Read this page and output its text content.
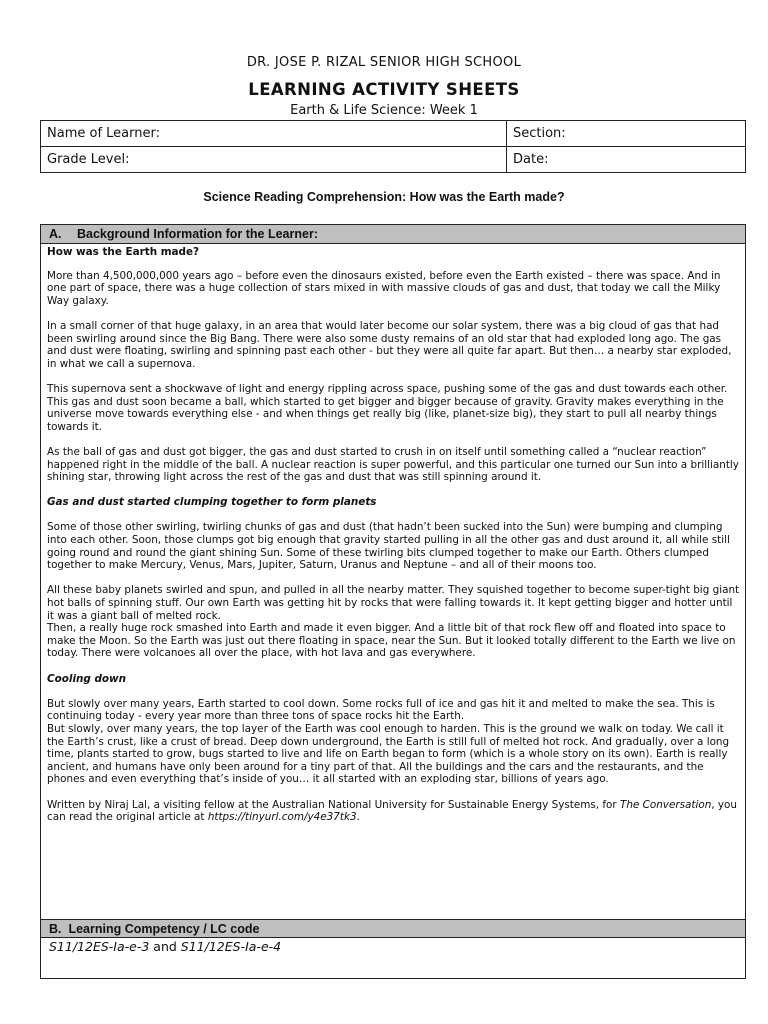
DR. JOSE P. RIZAL SENIOR HIGH SCHOOL
LEARNING ACTIVITY SHEETS
Earth & Life Science: Week 1
Name of Learner:	Section:
Grade Level:	Date:
Science Reading Comprehension: How was the Earth made?
A. Background Information for the Learner:

How was the Earth made?

More than 4,500,000,000 years ago – before even the dinosaurs existed, before even the Earth existed – there was space. And in one part of space, there was a huge collection of stars mixed in with massive clouds of gas and dust, that today we call the Milky Way galaxy.

In a small corner of that huge galaxy, in an area that would later become our solar system, there was a big cloud of gas that had been swirling around since the Big Bang. There were also some dusty remains of an old star that had exploded long ago. The gas and dust were floating, swirling and spinning past each other - but they were all quite far apart. But then… a nearby star exploded, in what we call a supernova.

This supernova sent a shockwave of light and energy rippling across space, pushing some of the gas and dust towards each other. This gas and dust soon became a ball, which started to get bigger and bigger because of gravity. Gravity makes everything in the universe move towards everything else - and when things get really big (like, planet-size big), they start to pull all nearby things towards it.

As the ball of gas and dust got bigger, the gas and dust started to crush in on itself until something called a “nuclear reaction” happened right in the middle of the ball. A nuclear reaction is super powerful, and this particular one turned our Sun into a brilliantly shining star, throwing light across the rest of the gas and dust that was still spinning around it.

Gas and dust started clumping together to form planets

Some of those other swirling, twirling chunks of gas and dust (that hadn’t been sucked into the Sun) were bumping and clumping into each other. Soon, those clumps got big enough that gravity started pulling in all the other gas and dust around it, all while still going round and round the giant shining Sun. Some of these twirling bits clumped together to make our Earth. Others clumped together to make Mercury, Venus, Mars, Jupiter, Saturn, Uranus and Neptune – and all of their moons too.

All these baby planets swirled and spun, and pulled in all the nearby matter. They squished together to become super-tight big giant hot balls of spinning stuff. Our own Earth was getting hit by rocks that were falling towards it. It kept getting bigger and hotter until it was a giant ball of melted rock.

Then, a really huge rock smashed into Earth and made it even bigger. And a little bit of that rock flew off and floated into space to make the Moon. So the Earth was just out there floating in space, near the Sun. But it looked totally different to the Earth we live on today. There were volcanoes all over the place, with hot lava and gas everywhere.

Cooling down

But slowly over many years, Earth started to cool down. Some rocks full of ice and gas hit it and melted to make the sea. This is continuing today - every year more than three tons of space rocks hit the Earth.

But slowly, over many years, the top layer of the Earth was cool enough to harden. This is the ground we walk on today. We call it the Earth’s crust, like a crust of bread. Deep down underground, the Earth is still full of melted hot rock. And gradually, over a long time, plants started to grow, bugs started to live and life on Earth began to form (which is a whole story on its own). Earth is really ancient, and humans have only been around for a tiny part of that. All the buildings and the cars and the restaurants, and the phones and even everything that’s inside of you… it all started with an exploding star, billions of years ago.

Written by Niraj Lal, a visiting fellow at the Australian National University for Sustainable Energy Systems, for The Conversation, you can read the original article at https://tinyurl.com/y4e37tk3.

B. Learning Competency / LC code
S11/12ES-Ia-e-3 and S11/12ES-Ia-e-4
